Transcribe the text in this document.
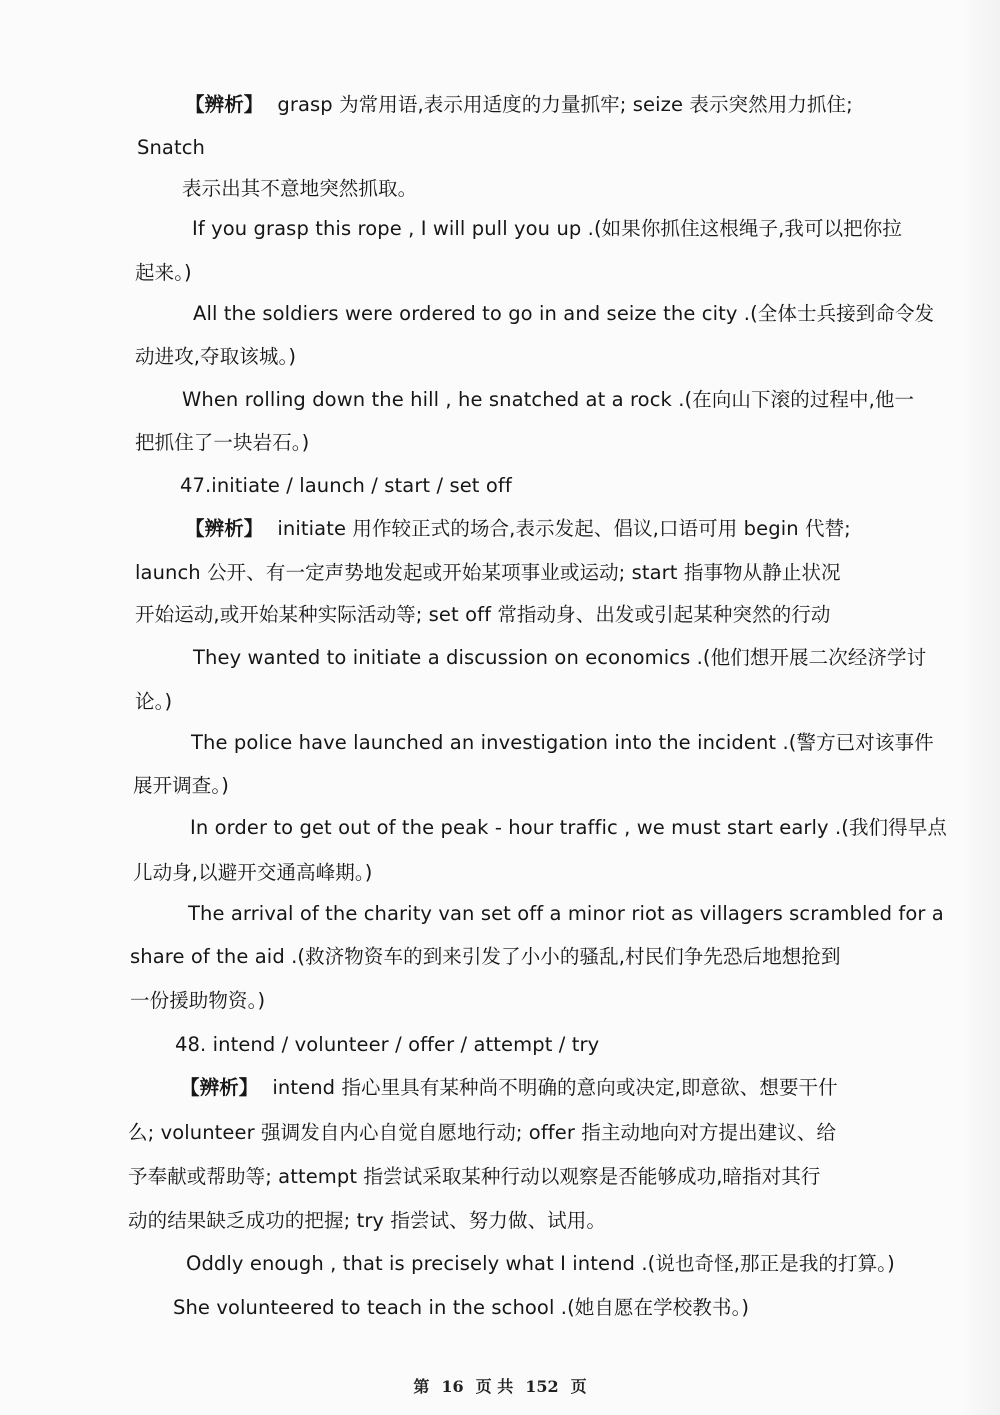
【辨析】 grasp 为常用语,表示用适度的力量抓牢; seize 表示突然用力抓住;
Snatch
表示出其不意地突然抓取。
If you grasp this rope , I will pull you up .(如果你抓住这根绳子,我可以把你拉
起来。)
All the soldiers were ordered to go in and seize the city .(全体士兵接到命令发
动进攻,夺取该城。)
When rolling down the hill , he snatched at a rock .(在向山下滚的过程中,他一
把抓住了一块岩石。)
47.initiate / launch / start / set off
【辨析】 initiate 用作较正式的场合,表示发起、倡议,口语可用 begin 代替;
launch 公开、有一定声势地发起或开始某项事业或运动; start 指事物从静止状况
开始运动,或开始某种实际活动等; set off 常指动身、出发或引起某种突然的行动
They wanted to initiate a discussion on economics .(他们想开展二次经济学讨
论。)
The police have launched an investigation into the incident .(警方已对该事件
展开调查。)
In order to get out of the peak - hour traffic , we must start early .(我们得早点
儿动身,以避开交通高峰期。)
The arrival of the charity van set off a minor riot as villagers scrambled for a
share of the aid .(救济物资车的到来引发了小小的骚乱,村民们争先恐后地想抢到
一份援助物资。)
48. intend / volunteer / offer / attempt / try
【辨析】 intend 指心里具有某种尚不明确的意向或决定,即意欲、想要干什
么; volunteer 强调发自内心自觉自愿地行动; offer 指主动地向对方提出建议、给
予奉献或帮助等; attempt 指尝试采取某种行动以观察是否能够成功,暗指对其行
动的结果缺乏成功的把握; try 指尝试、努力做、试用。
Oddly enough , that is precisely what I intend .(说也奇怪,那正是我的打算。)
She volunteered to teach in the school .(她自愿在学校教书。)
第 16 页 共 152 页
